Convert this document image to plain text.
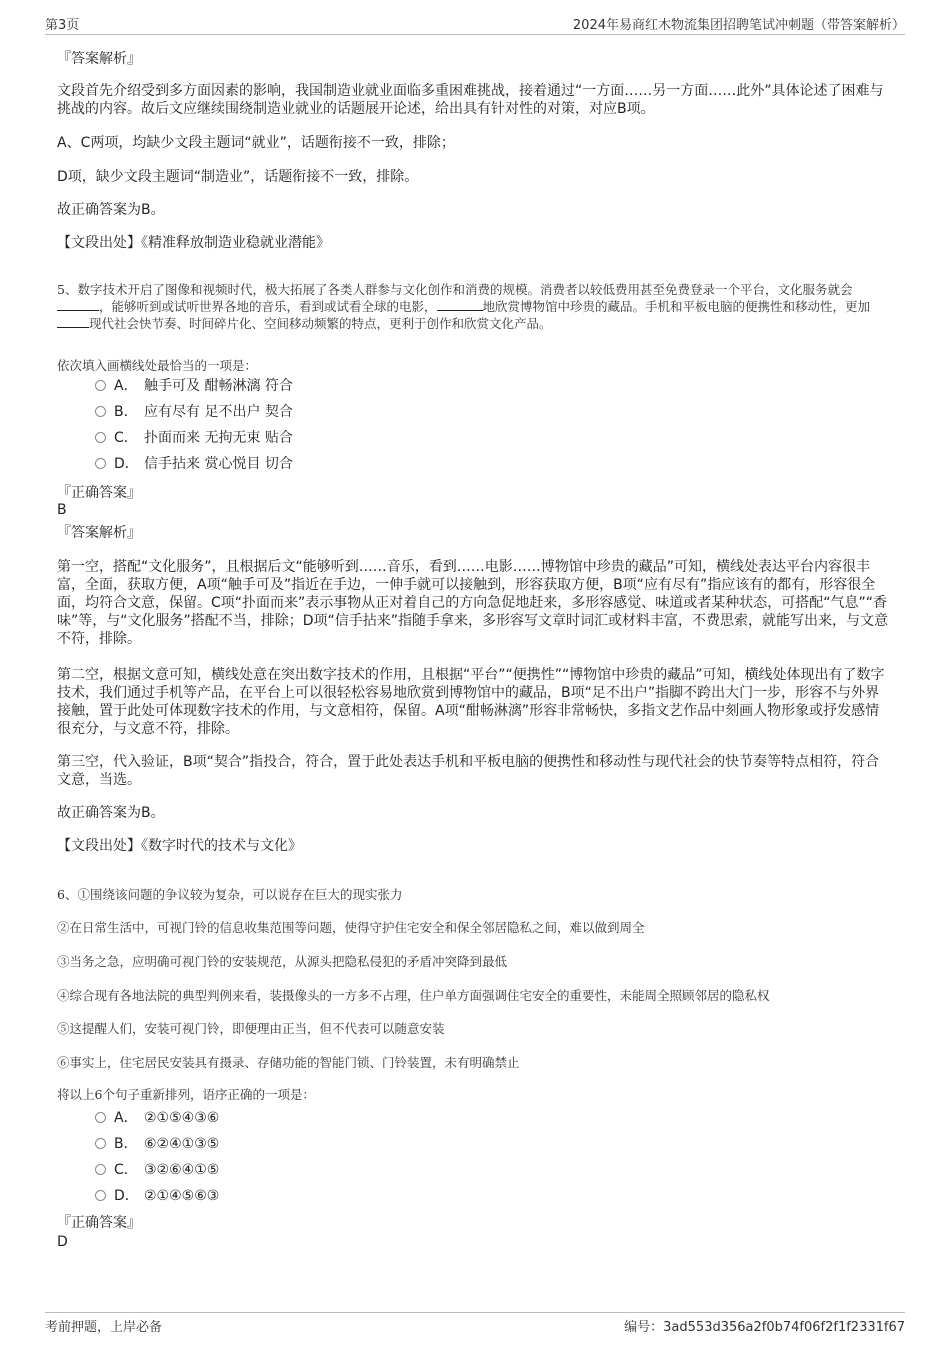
第3页	2024年易商红木物流集团招聘笔试冲刺题（带答案解析）

『答案解析』

文段首先介绍受到多方面因素的影响，我国制造业就业面临多重困难挑战，接着通过“一方面……另一方面……此外”具体论述了困难与挑战的内容。故后文应继续围绕制造业就业的话题展开论述，给出具有针对性的对策，对应B项。

A、C两项，均缺少文段主题词“就业”，话题衔接不一致，排除；

D项，缺少文段主题词“制造业”，话题衔接不一致，排除。

故正确答案为B。

【文段出处】《精准释放制造业稳就业潜能》

5、数字技术开启了图像和视频时代，极大拓展了各类人群参与文化创作和消费的规模。消费者以较低费用甚至免费登录一个平台，文化服务就会，能够听到或试听世界各地的音乐，看到或试看全球的电影，	地欣赏博物馆中珍贵的藏品。手机和平板电脑的便携性和移动性，更加现代社会快节奏、时间碎片化、空间移动频繁的特点，更利于创作和欣赏文化产品。

依次填入画横线处最恰当的一项是：

A． 触手可及 酣畅淋漓 符合
B． 应有尽有 足不出户 契合
C． 扑面而来 无拘无束 贴合
D． 信手拈来 赏心悦目 切合

『正确答案』

B

『答案解析』

第一空，搭配“文化服务”，且根据后文“能够听到……音乐，看到……电影……博物馆中珍贵的藏品”可知，横线处表达平台内容很丰富，全面，获取方便，A项“触手可及”指近在手边，一伸手就可以接触到，形容获取方便，B项“应有尽有”指应该有的都有，形容很全面，均符合文意，保留。C项“扑面而来”表示事物从正对着自己的方向急促地赶来，多形容感觉、味道或者某种状态，可搭配“气息”“香味”等，与“文化服务”搭配不当，排除；D项“信手拈来”指随手拿来，多形容写文章时词汇或材料丰富，不费思索，就能写出来，与文意不符，排除。

第二空，根据文意可知，横线处意在突出数字技术的作用，且根据“平台”“便携性”“博物馆中珍贵的藏品”可知，横线处体现出有了数字技术，我们通过手机等产品，在平台上可以很轻松容易地欣赏到博物馆中的藏品，B项“足不出户”指脚不跨出大门一步，形容不与外界接触，置于此处可体现数字技术的作用，与文意相符，保留。A项“酣畅淋漓”形容非常畅快，多指文艺作品中刻画人物形象或抒发感情很充分，与文意不符，排除。

第三空，代入验证，B项“契合”指投合，符合，置于此处表达手机和平板电脑的便携性和移动性与现代社会的快节奏等特点相符，符合文意，当选。

故正确答案为B。

【文段出处】《数字时代的技术与文化》

6、①围绕该问题的争议较为复杂，可以说存在巨大的现实张力

②在日常生活中，可视门铃的信息收集范围等问题，使得守护住宅安全和保全邻居隐私之间，难以做到周全

③当务之急，应明确可视门铃的安装规范，从源头把隐私侵犯的矛盾冲突降到最低

④综合现有各地法院的典型判例来看，装摄像头的一方多不占理，住户单方面强调住宅安全的重要性，未能周全照顾邻居的隐私权

⑤这提醒人们，安装可视门铃，即便理由正当，但不代表可以随意安装

⑥事实上，住宅居民安装具有摄录、存储功能的智能门锁、门铃装置，未有明确禁止

将以上6个句子重新排列，语序正确的一项是：

A． ②①⑤④③⑥
B． ⑥②④①③⑤
C． ③②⑥④①⑤
D． ②①④⑤⑥③

『正确答案』

D

考前押题，上岸必备	编号：3ad553d356a2f0b74f06f2f1f2331f67
